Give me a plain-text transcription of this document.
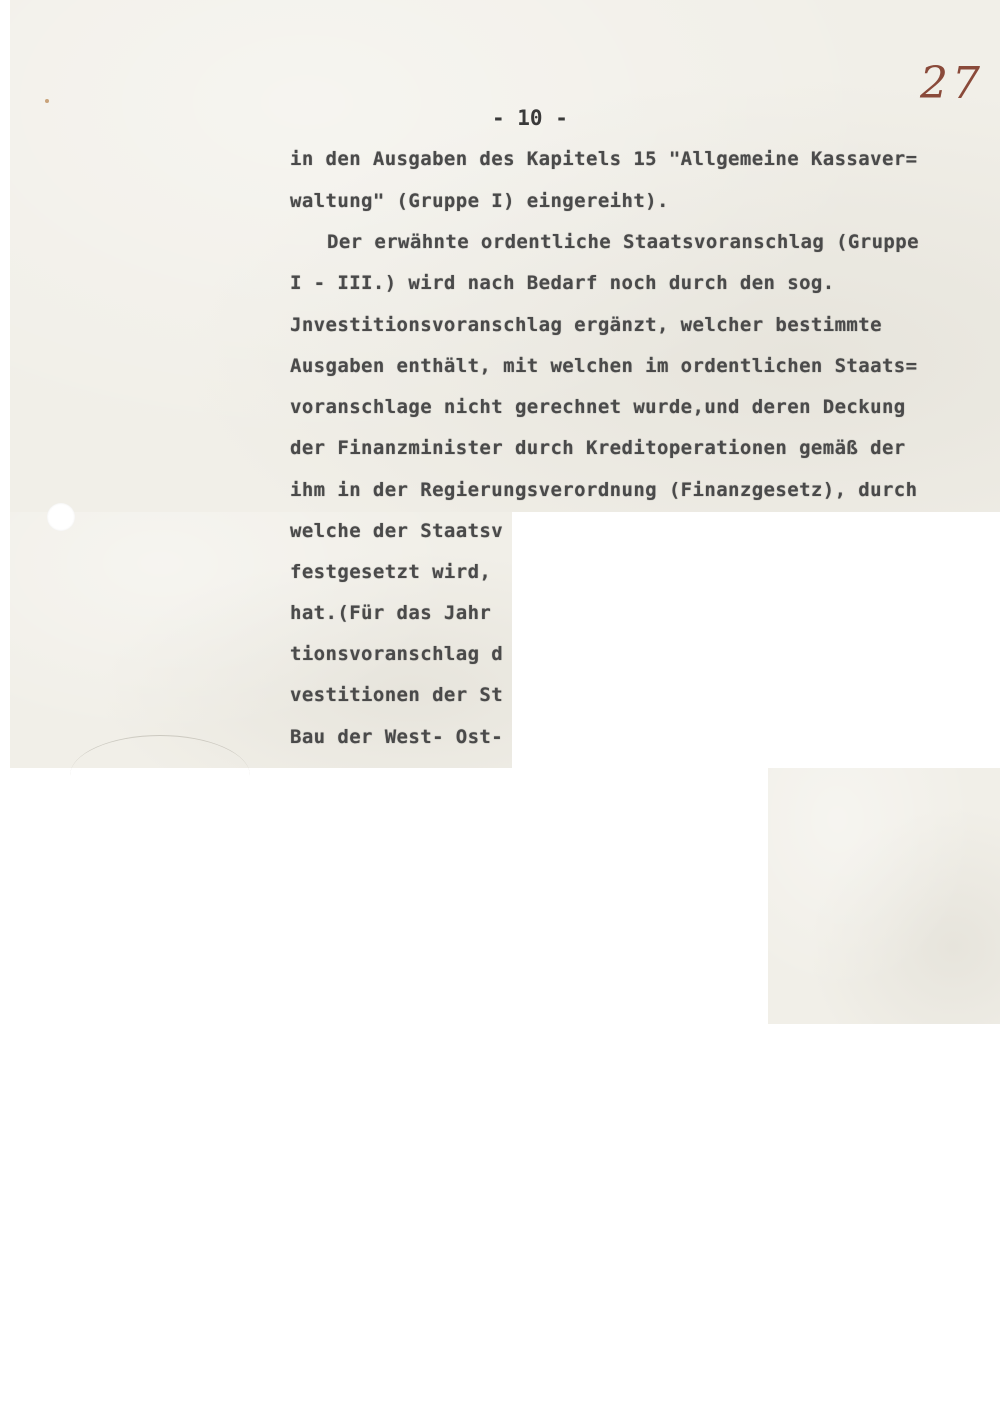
27
- 10 -
in den Ausgaben des Kapitels 15 "Allgemeine Kassaver=
waltung" (Gruppe I) eingereiht).
Der erwähnte ordentliche Staatsvoranschlag (Gruppe
I - III.) wird nach Bedarf noch durch den sog.
Jnvestitionsvoranschlag ergänzt, welcher bestimmte
Ausgaben enthält, mit welchen im ordentlichen Staats=
voranschlage nicht gerechnet wurde,und deren Deckung
der Finanzminister durch Kreditoperationen gemäß der
ihm in der Regierungsverordnung (Finanzgesetz), durch
welche der Staatsv
festgesetzt wird,
hat.(Für das Jahr
tionsvoranschlag d
vestitionen der St
Bau der West- Ost-
